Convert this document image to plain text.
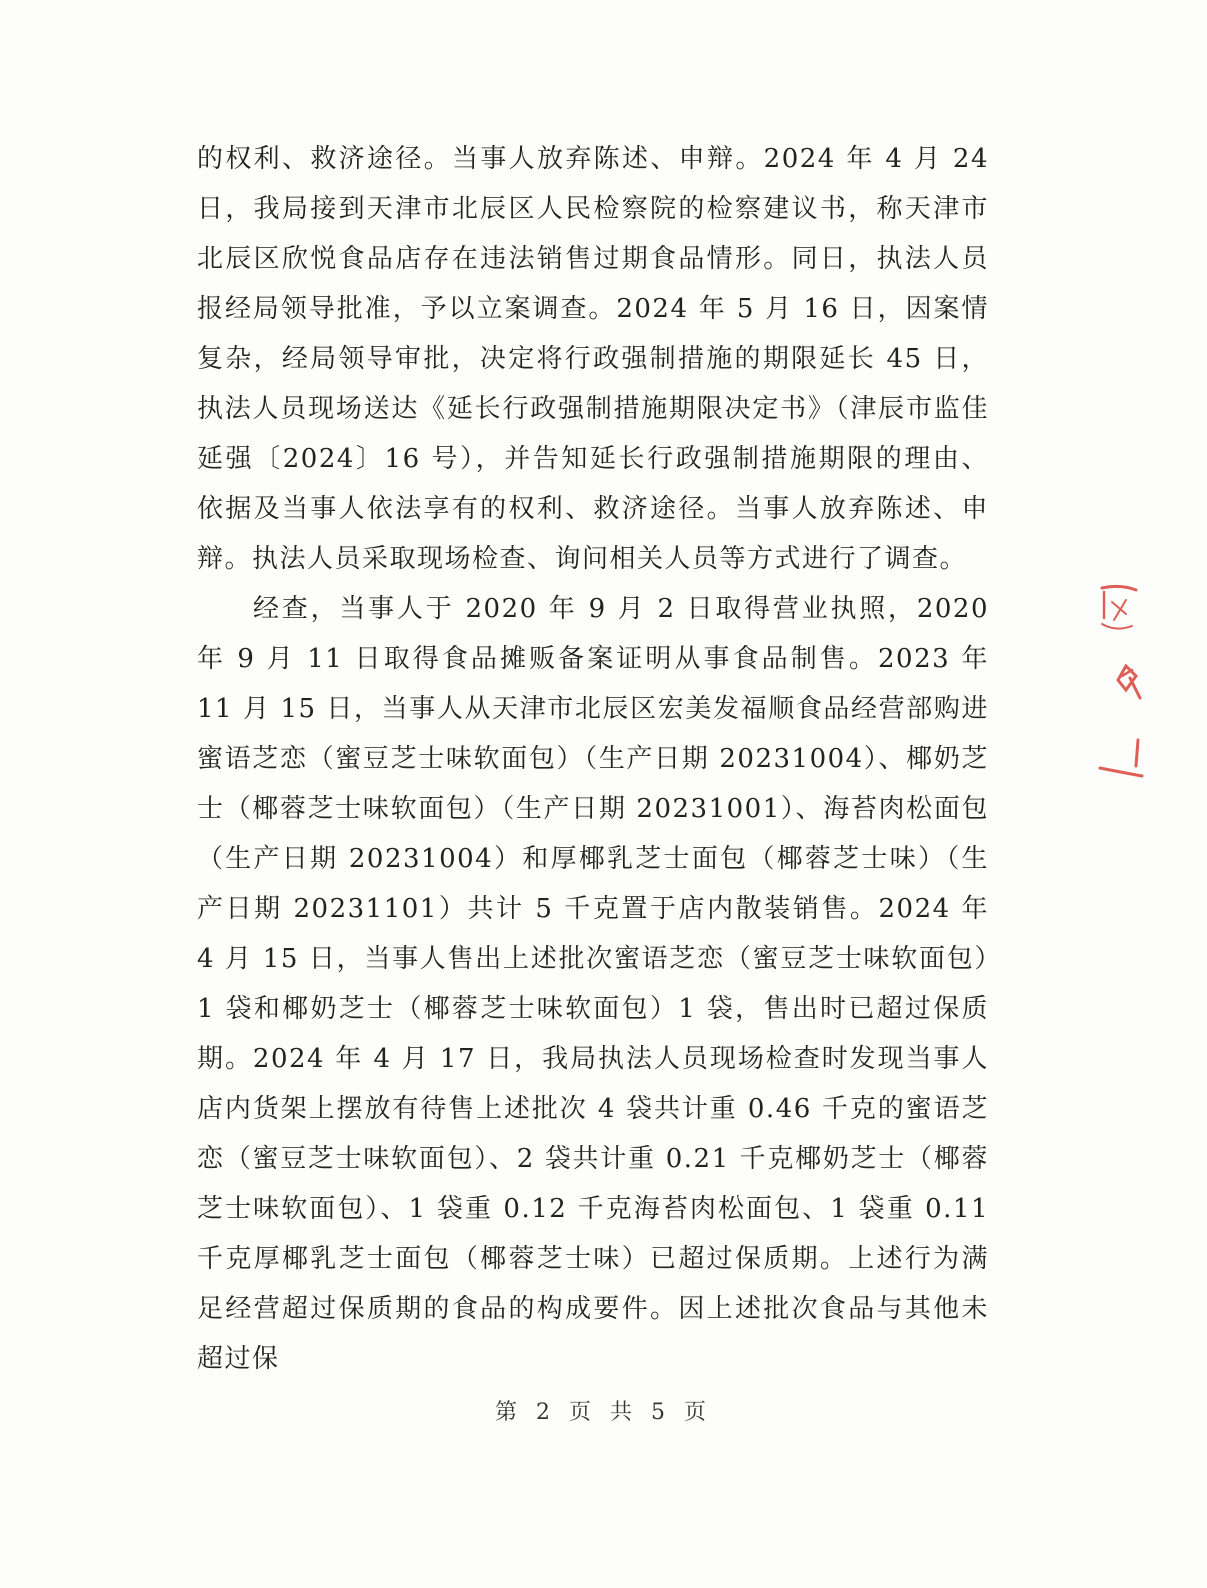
的权利、救济途径。当事人放弃陈述、申辩。2024 年 4 月 24 日，我局接到天津市北辰区人民检察院的检察建议书，称天津市北辰区欣悦食品店存在违法销售过期食品情形。同日，执法人员报经局领导批准，予以立案调查。2024 年 5 月 16 日，因案情复杂，经局领导审批，决定将行政强制措施的期限延长 45 日，执法人员现场送达《延长行政强制措施期限决定书》（津辰市监佳延强〔2024〕16 号），并告知延长行政强制措施期限的理由、依据及当事人依法享有的权利、救济途径。当事人放弃陈述、申辩。执法人员采取现场检查、询问相关人员等方式进行了调查。

经查，当事人于 2020 年 9 月 2 日取得营业执照，2020 年 9 月 11 日取得食品摊贩备案证明从事食品制售。2023 年 11 月 15 日，当事人从天津市北辰区宏美发福顺食品经营部购进蜜语芝恋（蜜豆芝士味软面包）（生产日期 20231004）、椰奶芝士（椰蓉芝士味软面包）（生产日期 20231001）、海苔肉松面包（生产日期 20231004）和厚椰乳芝士面包（椰蓉芝士味）（生产日期 20231101）共计 5 千克置于店内散装销售。2024 年 4 月 15 日，当事人售出上述批次蜜语芝恋（蜜豆芝士味软面包）1 袋和椰奶芝士（椰蓉芝士味软面包）1 袋，售出时已超过保质期。2024 年 4 月 17 日，我局执法人员现场检查时发现当事人店内货架上摆放有待售上述批次 4 袋共计重 0.46 千克的蜜语芝恋（蜜豆芝士味软面包）、2 袋共计重 0.21 千克椰奶芝士（椰蓉芝士味软面包）、1 袋重 0.12 千克海苔肉松面包、1 袋重 0.11 千克厚椰乳芝士面包（椰蓉芝士味）已超过保质期。上述行为满足经营超过保质期的食品的构成要件。因上述批次食品与其他未超过保

第 2 页 共 5 页
